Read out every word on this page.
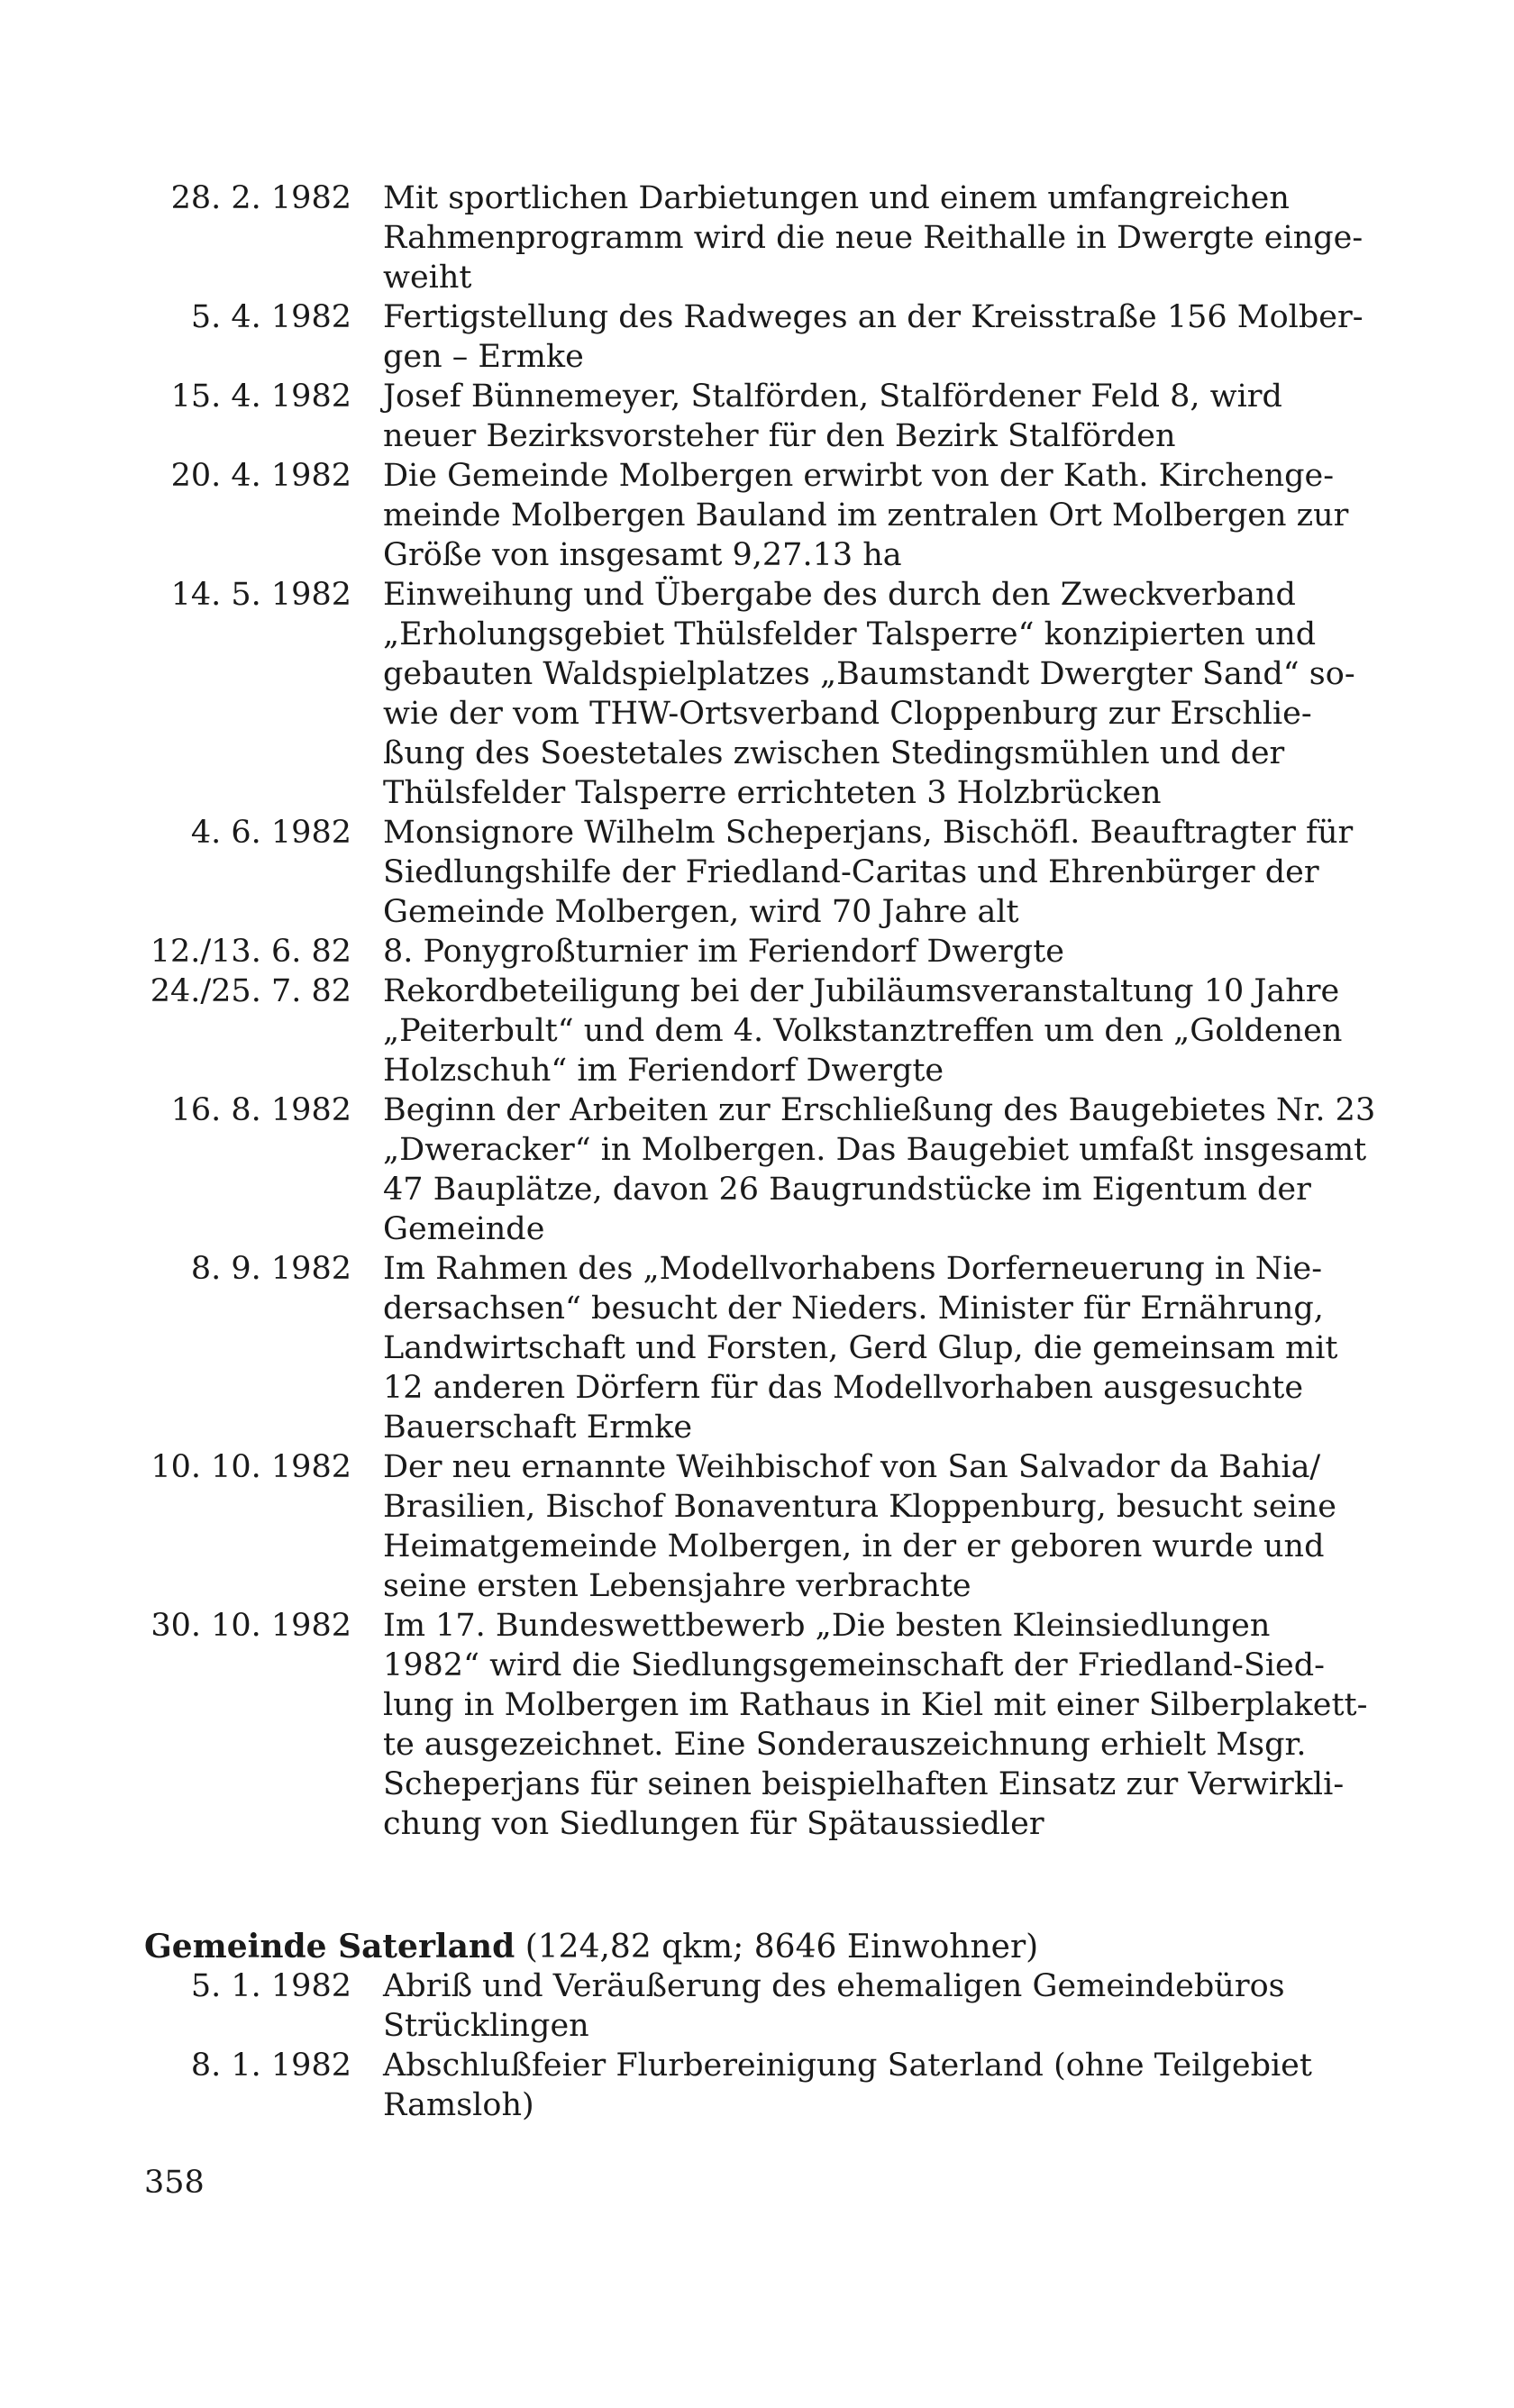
28. 2. 1982 Mit sportlichen Darbietungen und einem umfangreichen
Rahmenprogramm wird die neue Reithalle in Dwergte einge-
weiht
5. 4. 1982 Fertigstellung des Radweges an der Kreisstraße 156 Molber-
gen – Ermke
15. 4. 1982 Josef Bünnemeyer, Stalförden, Stalfördener Feld 8, wird
neuer Bezirksvorsteher für den Bezirk Stalförden
20. 4. 1982 Die Gemeinde Molbergen erwirbt von der Kath. Kirchenge-
meinde Molbergen Bauland im zentralen Ort Molbergen zur
Größe von insgesamt 9,27.13 ha
14. 5. 1982 Einweihung und Übergabe des durch den Zweckverband
„Erholungsgebiet Thülsfelder Talsperre“ konzipierten und
gebauten Waldspielplatzes „Baumstandt Dwergter Sand“ so-
wie der vom THW-Ortsverband Cloppenburg zur Erschlie-
ßung des Soestetales zwischen Stedingsmühlen und der
Thülsfelder Talsperre errichteten 3 Holzbrücken
4. 6. 1982 Monsignore Wilhelm Scheperjans, Bischöfl. Beauftragter für
Siedlungshilfe der Friedland-Caritas und Ehrenbürger der
Gemeinde Molbergen, wird 70 Jahre alt
12./13. 6. 82 8. Ponygroßturnier im Feriendorf Dwergte
24./25. 7. 82 Rekordbeteiligung bei der Jubiläumsveranstaltung 10 Jahre
„Peiterbult“ und dem 4. Volkstanztreffen um den „Goldenen
Holzschuh“ im Feriendorf Dwergte
16. 8. 1982 Beginn der Arbeiten zur Erschließung des Baugebietes Nr. 23
„Dweracker“ in Molbergen. Das Baugebiet umfaßt insgesamt
47 Bauplätze, davon 26 Baugrundstücke im Eigentum der
Gemeinde
8. 9. 1982 Im Rahmen des „Modellvorhabens Dorferneuerung in Nie-
dersachsen“ besucht der Nieders. Minister für Ernährung,
Landwirtschaft und Forsten, Gerd Glup, die gemeinsam mit
12 anderen Dörfern für das Modellvorhaben ausgesuchte
Bauerschaft Ermke
10. 10. 1982 Der neu ernannte Weihbischof von San Salvador da Bahia/
Brasilien, Bischof Bonaventura Kloppenburg, besucht seine
Heimatgemeinde Molbergen, in der er geboren wurde und
seine ersten Lebensjahre verbrachte
30. 10. 1982 Im 17. Bundeswettbewerb „Die besten Kleinsiedlungen
1982“ wird die Siedlungsgemeinschaft der Friedland-Sied-
lung in Molbergen im Rathaus in Kiel mit einer Silberplakett-
te ausgezeichnet. Eine Sonderauszeichnung erhielt Msgr.
Scheperjans für seinen beispielhaften Einsatz zur Verwirkli-
chung von Siedlungen für Spätaussiedler
Gemeinde Saterland (124,82 qkm; 8646 Einwohner)
5. 1. 1982 Abriß und Veräußerung des ehemaligen Gemeindebüros
Strücklingen
8. 1. 1982 Abschlußfeier Flurbereinigung Saterland (ohne Teilgebiet
Ramsloh)
358
